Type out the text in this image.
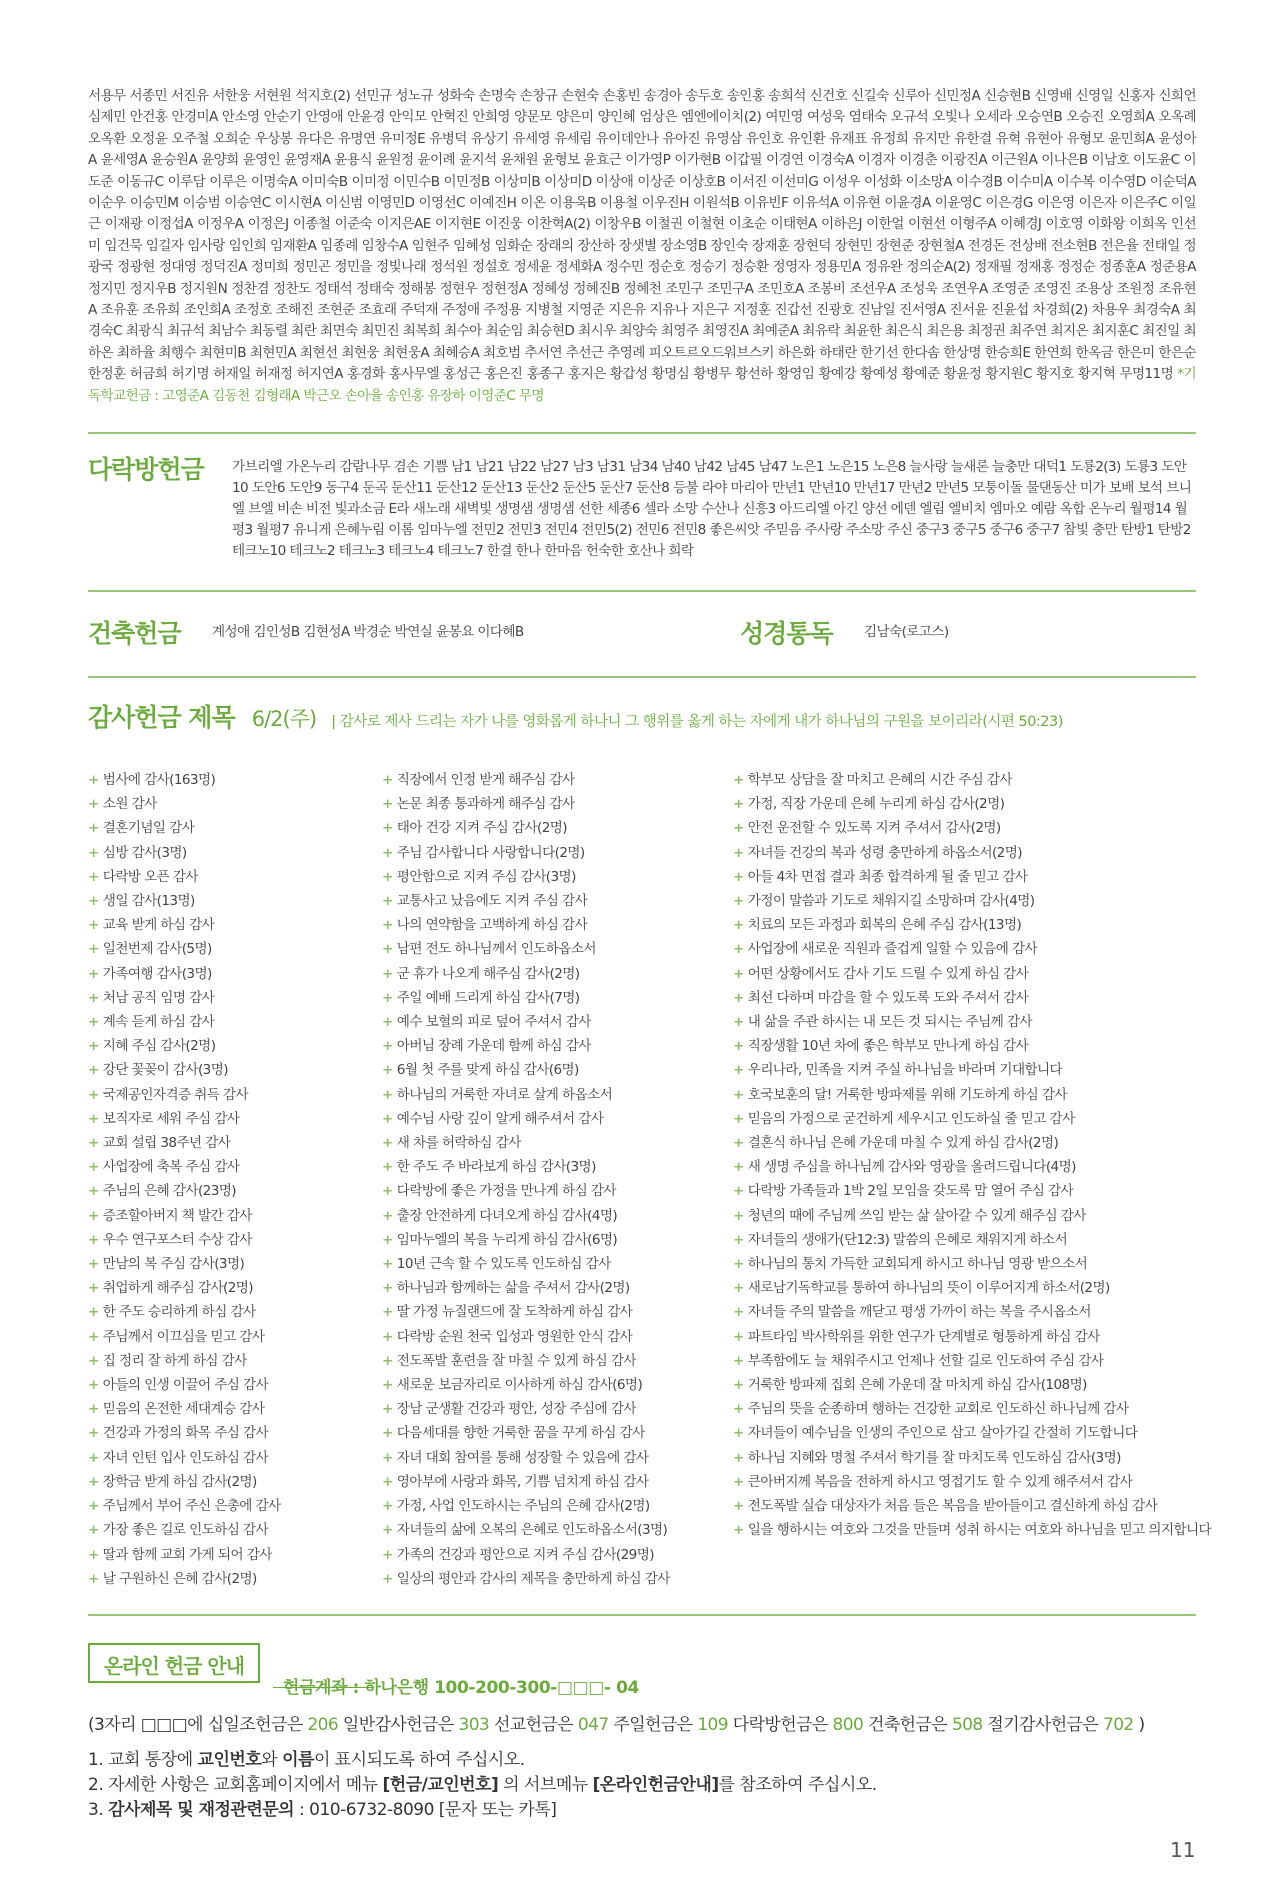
서용무 서종민 서진유 서한웅 서현원 석지호(2) 선민규 성노규 성화숙 손명숙 손창규 손현숙 손홍빈 송경아 송두호 송인홍 송희석 신건호 신길숙 신루아 신민정A 신승현B 신영배 신영일 신홍자 신희언 심제민 안건홍 안경미A 안소영 안순기 안영애 안윤경 안익모 안혁진 안희영 양문모 양은미 양인혜 엄상은 엠엔에이치(2) 여민영 여성욱 염태숙 오규석 오빛나 오세라 오승연B 오승진 오영희A 오옥례 오옥환 오정윤 오주철 오희순 우상봉 유다은 유명연 유미정E 유병덕 유상기 유세영 유세림 유이데안나 유아진 유영삼 유인호 유인환 유재표 유정희 유지만 유한결 유혁 유현아 유형모 윤민희A 윤성아A 윤세영A 윤승원A 윤양희 윤영인 윤영재A 윤용식 윤원정 윤이례 윤지석 윤채원 윤형보 윤효근 이가영P 이가현B 이갑필 이경연 이경숙A 이경자 이경춘 이광진A 이근원A 이나은B 이남호 이도윤C 이도준 이동규C 이루담 이루은 이명숙A 이미숙B 이미정 이민수B 이민정B 이상미B 이상미D 이상애 이상준 이상호B 이서진 이선미G 이성우 이성화 이소망A 이수경B 이수미A 이수복 이수영D 이순덕A 이순우 이승민M 이승범 이승연C 이시현A 이신범 이영민D 이영선C 이예진H 이온 이용욱B 이용철 이우진H 이원석B 이유빈F 이유석A 이유현 이윤경A 이윤영C 이은경G 이은영 이은자 이은주C 이일근 이재광 이정섭A 이정우A 이정은J 이종철 이준숙 이지은AE 이지현E 이진웅 이찬혁A(2) 이창우B 이철권 이철현 이초순 이태현A 이하은J 이한얼 이현선 이형주A 이혜경J 이호영 이화왕 이희옥 인선미 임건묵 임길자 임사랑 임인희 임재환A 임종례 임창수A 임현주 임혜성 임화순 장래의 장산하 장샛별 장소영B 장인숙 장재훈 장현덕 장현민 장현준 장현철A 전경돈 전상배 전소현B 전은율 전태일 정광국 정광현 정대영 정덕진A 정미희 정민곤 정민을 정빛나래 정석원 정설호 정세윤 정세화A 정수민 정순호 정승기 정승환 정영자 정용민A 정유완 정의순A(2) 정재필 정재홍 정정순 정종훈A 정준용A 정지민 정지우B 정지원N 정찬겸 정찬도 정태석 정태숙 정해봉 정현우 정현정A 정혜성 정혜진B 정혜천 조민구 조민구A 조민호A 조봉비 조선우A 조성욱 조연우A 조영준 조영진 조용상 조원정 조유현A 조유훈 조유희 조인희A 조정호 조해진 조현준 조효래 주덕재 주정애 주정용 지병철 지영준 지은유 지유나 지은구 지정훈 진갑선 진광호 진남일 진서영A 진서윤 진윤섭 차경희(2) 차용우 최경숙A 최경숙C 최광식 최규석 최남수 최동렬 최란 최면숙 최민진 최복희 최수아 최순임 최승현D 최시우 최양숙 최영주 최영진A 최예준A 최유락 최윤한 최은식 최은용 최정권 최주연 최지온 최지훈C 최진일 최하온 최하율 최행수 최현미B 최현민A 최현선 최현웅 최현웅A 최혜승A 최호범 추서연 추선근 추영례 피오트르오드워브스키 하은화 하태란 한기선 한다솜 한상명 한승희E 한연희 한옥금 한은미 한은순 한정훈 허금희 허기명 허재일 허재정 허지연A 홍경화 홍사무엘 홍성근 홍은진 홍종구 홍지은 황갑성 황명심 황병무 황선하 황영임 황예강 황예성 황예준 황윤정 황지원C 황지호 황지혁 무명11명 *기독학교헌금 : 고영준A 김동천 김형래A 박근오 손아율 송인홍 유장하 이영준C 무명
다락방헌금 가브리엘 가온누리 감람나무 겸손 기쁨 남1 남21 남22 남27 남3 남31 남34 남40 남42 남45 남47 노은1 노은15 노은8 늘사랑 늘새론 늘충만 대덕1 도룡2(3) 도룡3 도안10 도안6 도안9 동구4 둔곡 둔산11 둔산12 둔산13 둔산2 둔산5 둔산7 둔산8 등불 라야 마리아 만년1 만년10 만년17 만년2 만년5 모퉁이돌 물댄동산 미가 보배 보석 브니엘 브엘 비손 비전 빛과소금 E라 새노래 새벽빛 생명샘 생명샘 선한 세종6 셀라 소망 수산나 신흥3 아드리엘 아긴 양선 에덴 엘림 엘비치 엠마오 예람 옥합 온누리 월평14 월평3 월평7 유니게 은혜누림 이롬 임마누엘 전민2 전민3 전민4 전민5(2) 전민6 전민8 좋은씨앗 주믿음 주사랑 주소망 주신 중구3 중구5 중구6 중구7 참빛 충만 탄방1 탄방2 테크노10 테크노2 테크노3 테크노4 테크노7 한결 한나 한마음 헌숙한 호산나 희락
건축헌금 계성애 김인성B 김현성A 박경순 박연실 윤봉요 이다혜B	성경통독 김남숙(로고스)
감사헌금 제목 6/2(주) | 감사로 제사 드리는 자가 나를 영화롭게 하나니 그 행위를 옳게 하는 자에게 내가 하나님의 구원을 보이리라(시편 50:23)
+ 범사에 감사(163명)
+ 소원 감사
+ 결혼기념일 감사
+ 심방 감사(3명)
+ 다락방 오픈 감사
+ 생일 감사(13명)
+ 교육 받게 하심 감사
+ 일천번제 감사(5명)
+ 가족여행 감사(3명)
+ 처남 공직 임명 감사
+ 계속 듣게 하심 감사
+ 지혜 주심 감사(2명)
+ 강단 꽃꽂이 감사(3명)
+ 국제공인자격증 취득 감사
+ 보직자로 세워 주심 감사
+ 교회 설립 38주년 감사
+ 사업장에 축복 주심 감사
+ 주님의 은혜 감사(23명)
+ 증조할아버지 책 발간 감사
+ 우수 연구포스터 수상 감사
+ 만남의 복 주심 감사(3명)
+ 취업하게 해주심 감사(2명)
+ 한 주도 승리하게 하심 감사
+ 주님께서 이끄심을 믿고 감사
+ 집 정리 잘 하게 하심 감사
+ 아들의 인생 이끌어 주심 감사
+ 믿음의 온전한 세대계승 감사
+ 건강과 가정의 화목 주심 감사
+ 자녀 인턴 입사 인도하심 감사
+ 장학금 받게 하심 감사(2명)
+ 주님께서 부어 주신 은총에 감사
+ 가장 좋은 길로 인도하심 감사
+ 딸과 함께 교회 가게 되어 감사
+ 날 구원하신 은혜 감사(2명)
+ 직장에서 인정 받게 해주심 감사
+ 논문 최종 통과하게 해주심 감사
+ 태아 건강 지켜 주심 감사(2명)
+ 주님 감사합니다 사랑합니다(2명)
+ 평안함으로 지켜 주심 감사(3명)
+ 교통사고 났음에도 지켜 주심 감사
+ 나의 연약함을 고백하게 하심 감사
+ 남편 전도 하나님께서 인도하옵소서
+ 군 휴가 나오게 해주심 감사(2명)
+ 주일 예배 드리게 하심 감사(7명)
+ 예수 보혈의 피로 덮어 주셔서 감사
+ 아버님 장례 가운데 함께 하심 감사
+ 6월 첫 주를 맞게 하심 감사(6명)
+ 하나님의 거룩한 자녀로 살게 하옵소서
+ 예수님 사랑 깊이 알게 해주셔서 감사
+ 새 차를 허락하심 감사
+ 한 주도 주 바라보게 하심 감사(3명)
+ 다락방에 좋은 가정을 만나게 하심 감사
+ 출장 안전하게 다녀오게 하심 감사(4명)
+ 임마누엘의 복을 누리게 하심 감사(6명)
+ 10년 근속 할 수 있도록 인도하심 감사
+ 하나님과 함께하는 삶을 주셔서 감사(2명)
+ 딸 가정 뉴질랜드에 잘 도착하게 하심 감사
+ 다락방 순원 천국 입성과 영원한 안식 감사
+ 전도폭발 훈련을 잘 마칠 수 있게 하심 감사
+ 새로운 보금자리로 이사하게 하심 감사(6명)
+ 장남 군생활 건강과 평안, 성장 주심에 감사
+ 다음세대를 향한 거룩한 꿈을 꾸게 하심 감사
+ 자녀 대회 참여를 통해 성장할 수 있음에 감사
+ 영아부에 사랑과 화목, 기쁨 넘치게 하심 감사
+ 가정, 사업 인도하시는 주님의 은혜 감사(2명)
+ 자녀들의 삶에 오복의 은혜로 인도하옵소서(3명)
+ 가족의 건강과 평안으로 지켜 주심 감사(29명)
+ 일상의 평안과 감사의 제목을 충만하게 하심 감사
+ 학부모 상담을 잘 마치고 은혜의 시간 주심 감사
+ 가정, 직장 가운데 은혜 누리게 하심 감사(2명)
+ 안전 운전할 수 있도록 지켜 주셔서 감사(2명)
+ 자녀들 건강의 복과 성령 충만하게 하옵소서(2명)
+ 아들 4차 면접 결과 최종 합격하게 될 줄 믿고 감사
+ 가정이 말씀과 기도로 채워지길 소망하며 감사(4명)
+ 치료의 모든 과정과 회복의 은혜 주심 감사(13명)
+ 사업장에 새로운 직원과 즐겁게 일할 수 있음에 감사
+ 어떤 상황에서도 감사 기도 드릴 수 있게 하심 감사
+ 최선 다하며 마감을 할 수 있도록 도와 주셔서 감사
+ 내 삶을 주관 하시는 내 모든 것 되시는 주님께 감사
+ 직장생활 10년 차에 좋은 학부모 만나게 하심 감사
+ 우리나라, 민족을 지켜 주실 하나님을 바라며 기대합니다
+ 호국보훈의 달! 거룩한 방파제를 위해 기도하게 하심 감사
+ 믿음의 가정으로 굳건하게 세우시고 인도하실 줄 믿고 감사
+ 결혼식 하나님 은혜 가운데 마칠 수 있게 하심 감사(2명)
+ 새 생명 주심을 하나님께 감사와 영광을 올려드립니다(4명)
+ 다락방 가족들과 1박 2일 모임을 갖도록 맘 열어 주심 감사
+ 청년의 때에 주님께 쓰임 받는 삶 살아갈 수 있게 해주심 감사
+ 자녀들의 생애가(단12:3) 말씀의 은혜로 채워지게 하소서
+ 하나님의 통치 가득한 교회되게 하시고 하나님 영광 받으소서
+ 새로남기독학교를 통하여 하나님의 뜻이 이루어지게 하소서(2명)
+ 자녀들 주의 말씀을 깨닫고 평생 가까이 하는 복을 주시옵소서
+ 파트타임 박사학위를 위한 연구가 단계별로 형통하게 하심 감사
+ 부족함에도 늘 채워주시고 언제나 선할 길로 인도하여 주심 감사
+ 거룩한 방파제 집회 은혜 가운데 잘 마치게 하심 감사(108명)
+ 주님의 뜻을 순종하며 행하는 건강한 교회로 인도하신 하나님께 감사
+ 자녀들이 예수님을 인생의 주인으로 삼고 살아가길 간절히 기도합니다
+ 하나님 지혜와 명철 주셔서 학기를 잘 마치도록 인도하심 감사(3명)
+ 큰아버지께 복음을 전하게 하시고 영접기도 할 수 있게 해주셔서 감사
+ 전도폭발 실습 대상자가 처음 들은 복음을 받아들이고 결신하게 하심 감사
+ 일을 행하시는 여호와 그것을 만들며 성취 하시는 여호와 하나님을 믿고 의지합니다
온라인 헌금 안내
헌금계좌 : 하나은행 100-200-300-□□□- 04
(3자리 □□□에 십일조헌금은 206 일반감사헌금은 303 선교헌금은 047 주일헌금은 109 다락방헌금은 800 건축헌금은 508 절기감사헌금은 702 )
1. 교회 통장에 교인번호와 이름이 표시되도록 하여 주십시오.
2. 자세한 사항은 교회홈페이지에서 메뉴 [헌금/교인번호] 의 서브메뉴 [온라인헌금안내]를 참조하여 주십시오.
3. 감사제목 및 재정관련문의 : 010-6732-8090 [문자 또는 카톡]
11
